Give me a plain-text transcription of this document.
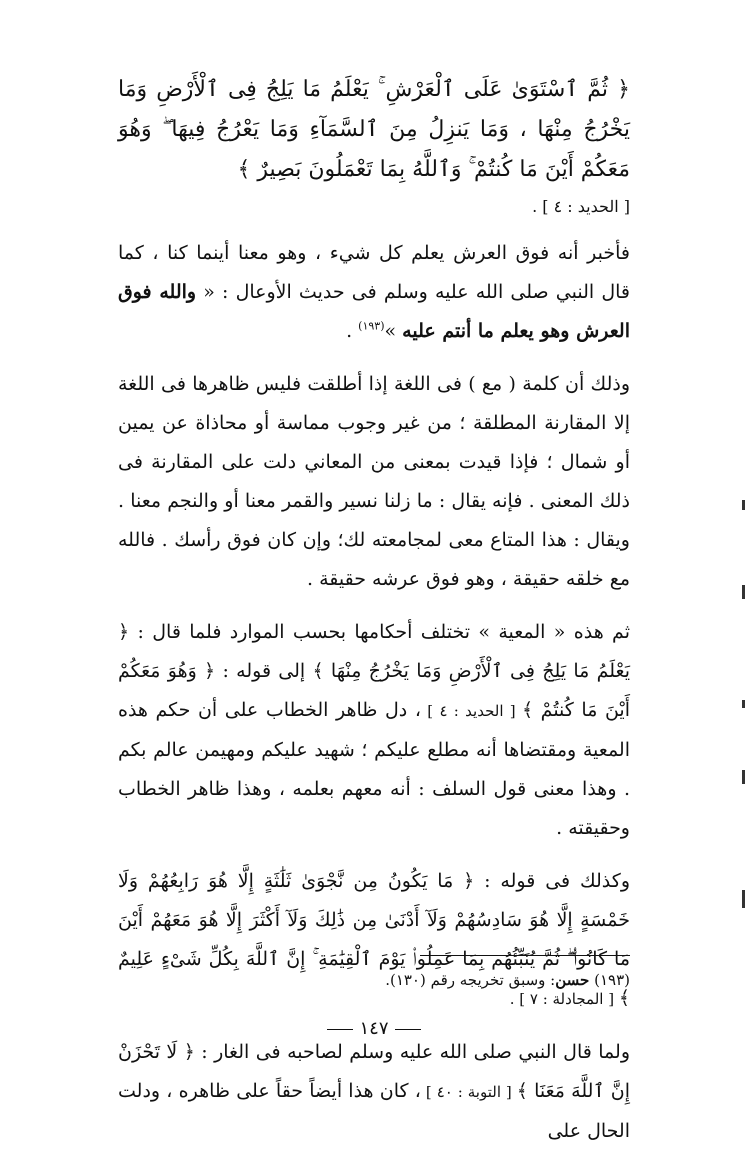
﴿ ثُمَّ ٱسْتَوَىٰ عَلَى ٱلْعَرْشِ ۚ يَعْلَمُ مَا يَلِجُ فِى ٱلْأَرْضِ وَمَا يَخْرُجُ مِنْهَا ، وَمَا يَنزِلُ مِنَ ٱلسَّمَآءِ وَمَا يَعْرُجُ فِيهَا ۖ وَهُوَ مَعَكُمْ أَيْنَ مَا كُنتُمْ ۚ وَٱللَّهُ بِمَا تَعْمَلُونَ بَصِيرٌ ﴾

[ الحديد : ٤ ] .

فأخبر أنه فوق العرش يعلم كل شيء ، وهو معنا أينما كنا ، كما قال النبي صلى الله عليه وسلم فى حديث الأوعال : « والله فوق العرش وهو يعلم ما أنتم عليه »$^{(١٩٣)}$ .

وذلك أن كلمة ( مع ) فى اللغة إذا أطلقت فليس ظاهرها فى اللغة إلا المقارنة المطلقة ؛ من غير وجوب مماسة أو محاذاة عن يمين أو شمال ؛ فإذا قيدت بمعنى من المعاني دلت على المقارنة فى ذلك المعنى . فإنه يقال : ما زلنا نسير والقمر معنا أو والنجم معنا . ويقال : هذا المتاع معى لمجامعته لك؛ وإن كان فوق رأسك . فالله مع خلقه حقيقة ، وهو فوق عرشه حقيقة .

ثم هذه « المعية » تختلف أحكامها بحسب الموارد فلما قال : ﴿ يَعْلَمُ مَا يَلِجُ فِى ٱلْأَرْضِ وَمَا يَخْرُجُ مِنْهَا ﴾ إلى قوله : ﴿ وَهُوَ مَعَكُمْ أَيْنَ مَا كُنتُمْ ﴾ [ الحديد : ٤ ] ، دل ظاهر الخطاب على أن حكم هذه المعية ومقتضاها أنه مطلع عليكم ؛ شهيد عليكم ومهيمن عالم بكم . وهذا معنى قول السلف : أنه معهم بعلمه ، وهذا ظاهر الخطاب وحقيقته .

وكذلك فى قوله : ﴿ مَا يَكُونُ مِن نَّجْوَىٰ ثَلَٰثَةٍ إِلَّا هُوَ رَابِعُهُمْ وَلَا خَمْسَةٍ إِلَّا هُوَ سَادِسُهُمْ وَلَآ أَدْنَىٰ مِن ذَٰلِكَ وَلَآ أَكْثَرَ إِلَّا هُوَ مَعَهُمْ أَيْنَ مَا كَانُوا۟ ۖ ثُمَّ يُنَبِّئُهُم بِمَا عَمِلُوا۟ يَوْمَ ٱلْقِيَٰمَةِ ۚ إِنَّ ٱللَّهَ بِكُلِّ شَىْءٍ عَلِيمٌ ﴾ [ المجادلة : ٧ ] .

ولما قال النبي صلى الله عليه وسلم لصاحبه فى الغار : ﴿ لَا تَحْزَنْ إِنَّ ٱللَّهَ مَعَنَا ﴾ [ التوبة : ٤٠ ] ، كان هذا أيضاً حقاً على ظاهره ، ودلت الحال على

(١٩٣) حسن: وسبق تخريجه رقم (١٣٠).

١٤٧
